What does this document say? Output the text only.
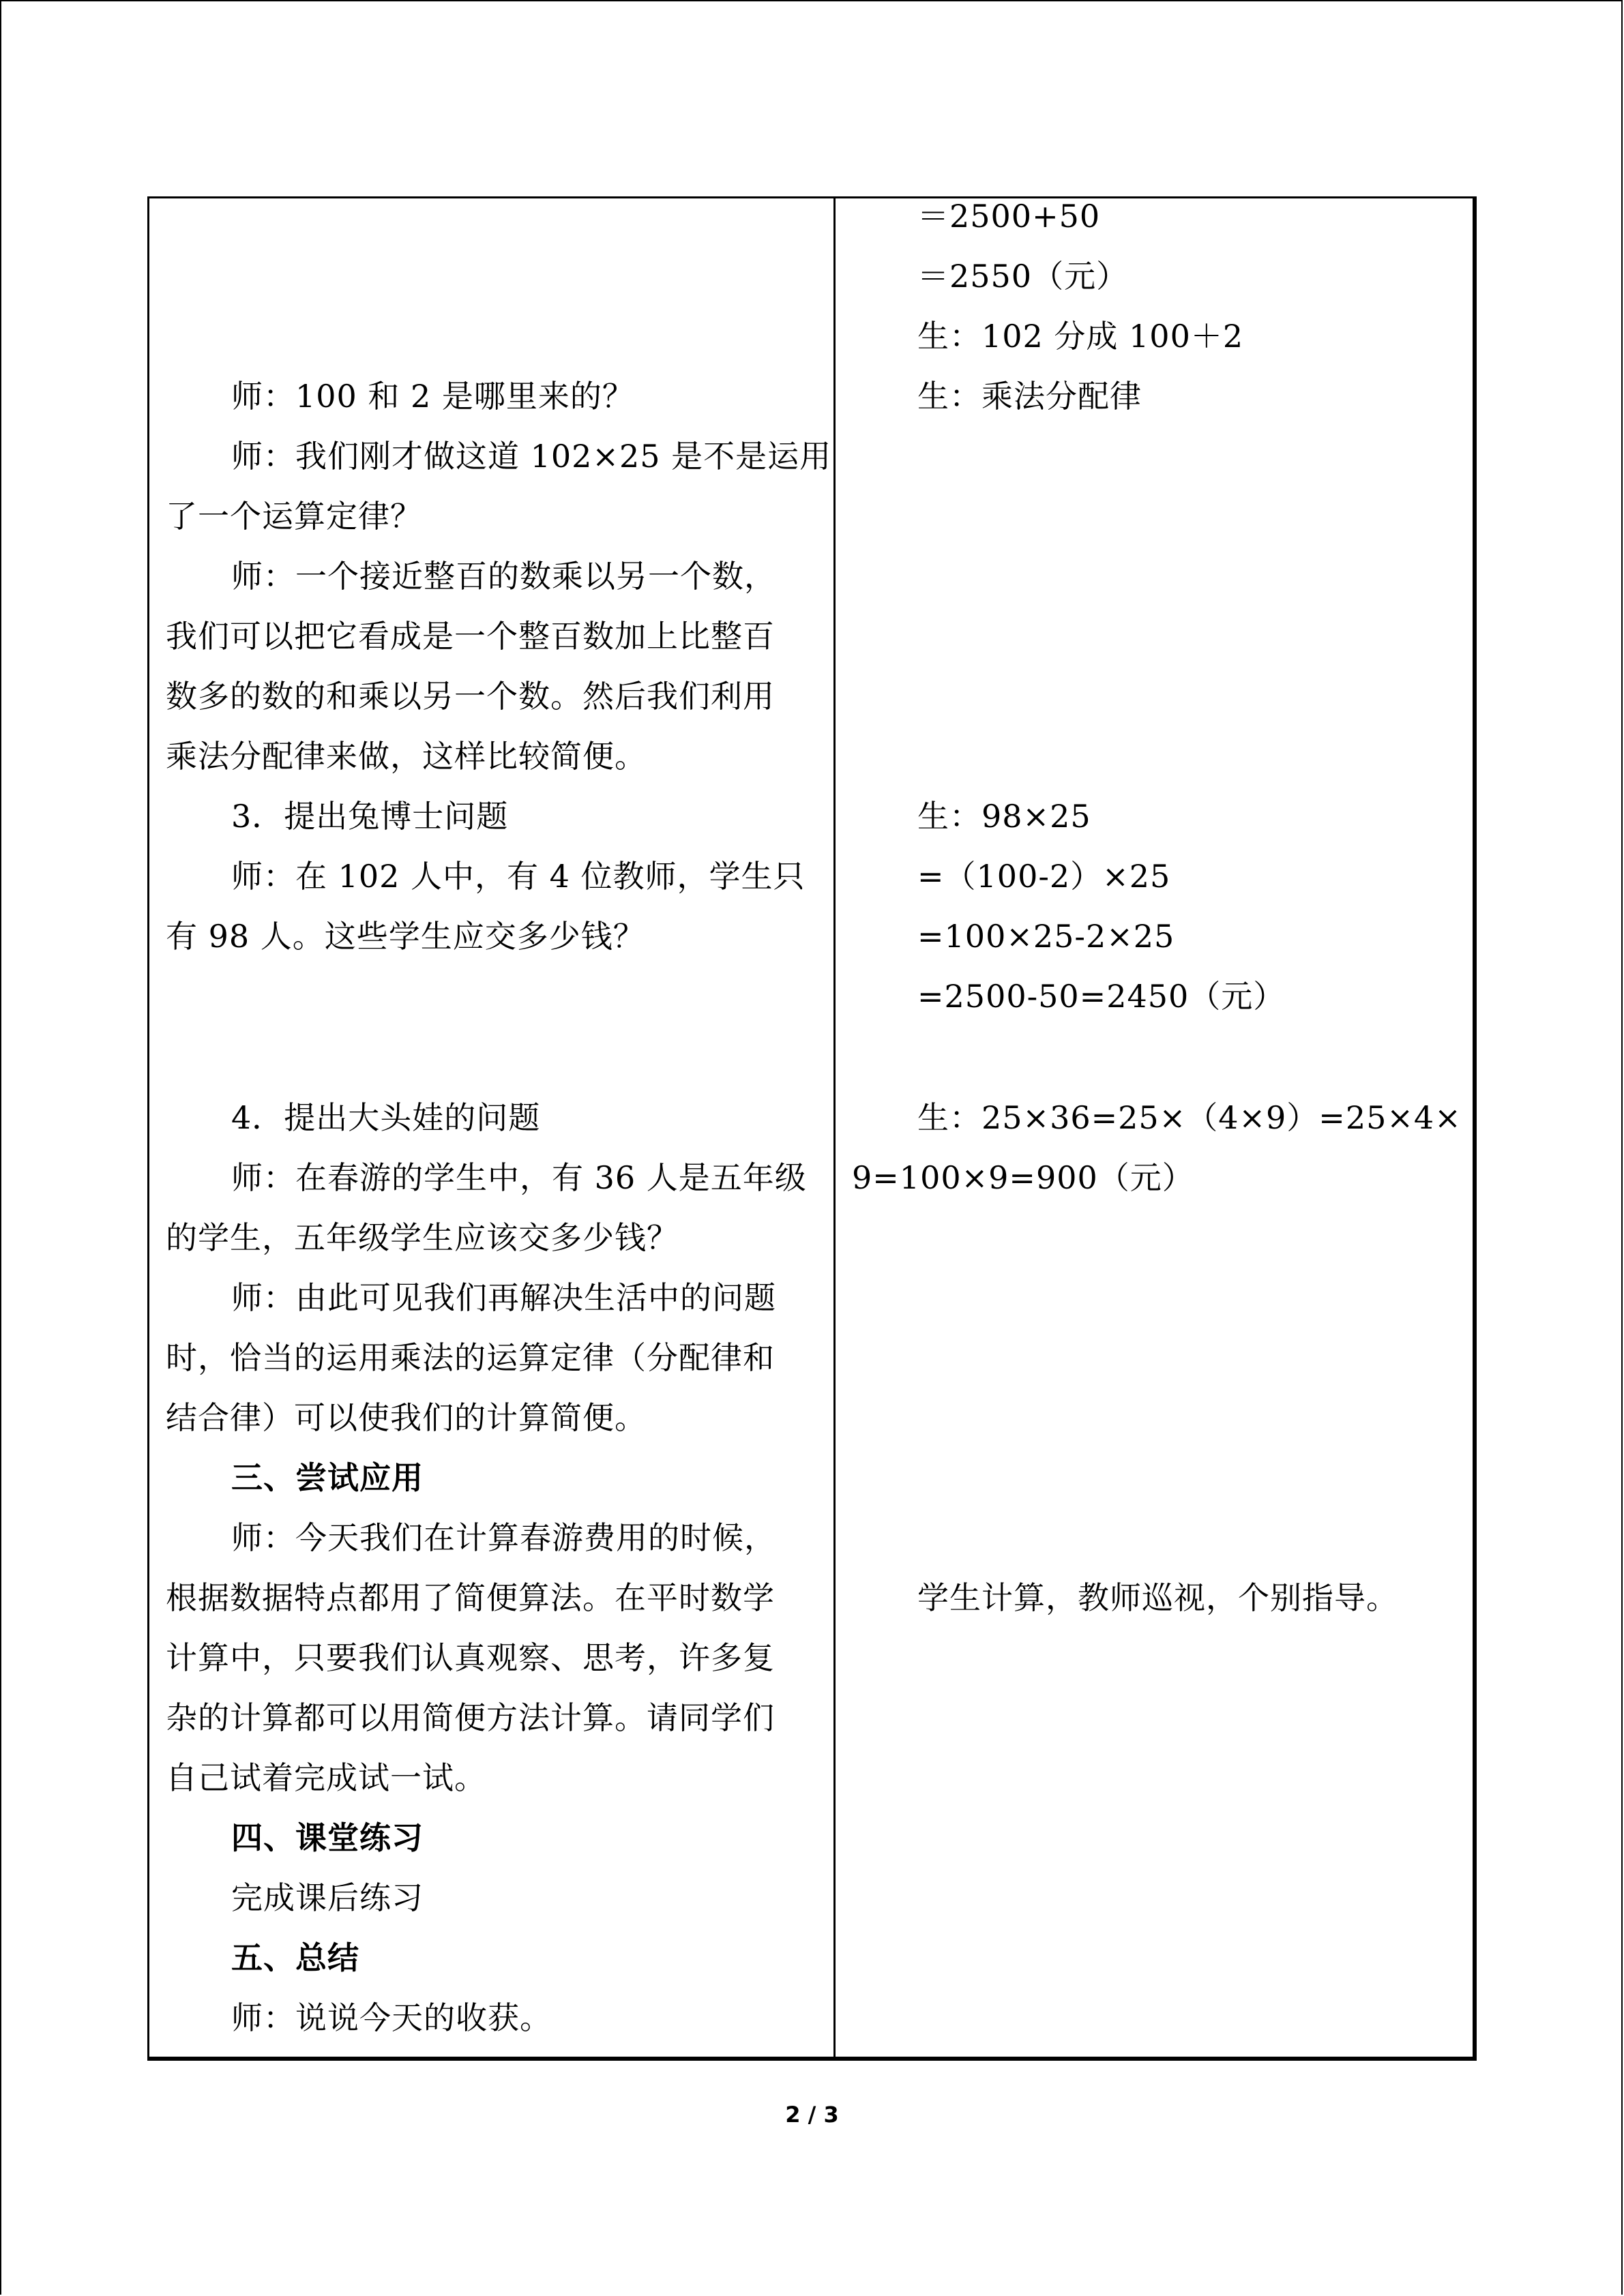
师：100 和 2 是哪里来的？
师：我们刚才做这道 102×25 是不是运用
了一个运算定律？
师：一个接近整百的数乘以另一个数，
我们可以把它看成是一个整百数加上比整百
数多的数的和乘以另一个数。然后我们利用
乘法分配律来做，这样比较简便。
3．提出兔博士问题
师：在 102 人中，有 4 位教师，学生只
有 98 人。这些学生应交多少钱？
4．提出大头娃的问题
师：在春游的学生中，有 36 人是五年级
的学生，五年级学生应该交多少钱？
师：由此可见我们再解决生活中的问题
时，恰当的运用乘法的运算定律（分配律和
结合律）可以使我们的计算简便。
三、尝试应用
师：今天我们在计算春游费用的时候，
根据数据特点都用了简便算法。在平时数学
计算中，只要我们认真观察、思考，许多复
杂的计算都可以用简便方法计算。请同学们
自己试着完成试一试。
四、课堂练习
完成课后练习
五、总结
师：说说今天的收获。
＝2500+50
＝2550（元）
生：102 分成 100＋2
生：乘法分配律
生：98×25
=（100-2）×25
=100×25-2×25
=2500-50=2450（元）
生：25×36=25×（4×9）=25×4×
9=100×9=900（元）
学生计算，教师巡视，个别指导。
2 / 3
